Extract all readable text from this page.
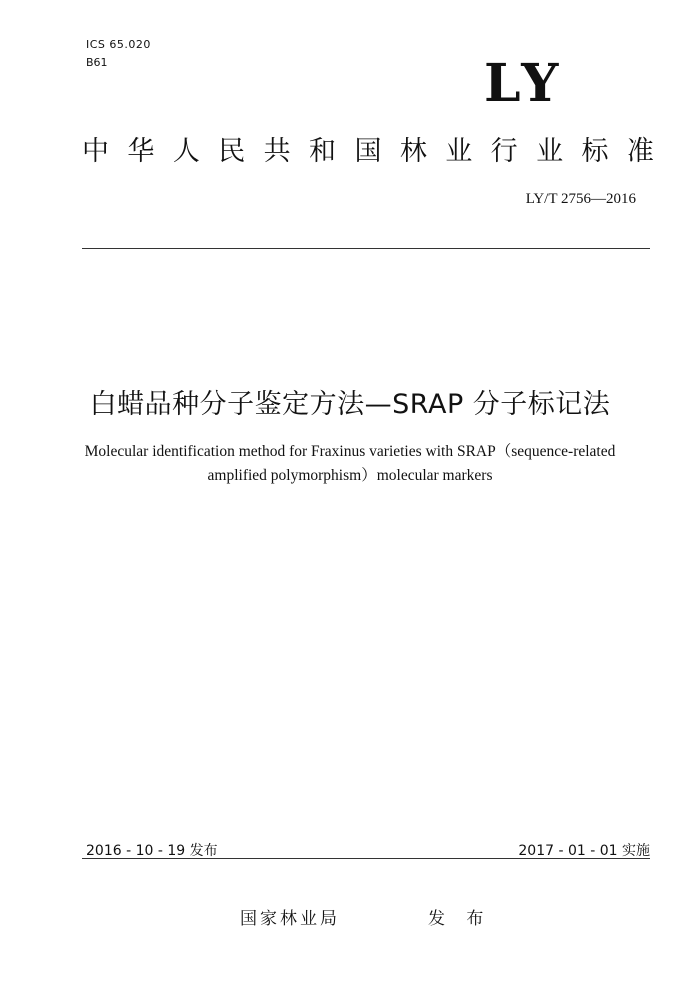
ICS 65.020
B61	LY
中 华 人 民 共 和 国 林 业 行 业 标 准
LY/T 2756—2016
白蜡品种分子鉴定方法—SRAP 分子标记法
Molecular identification method for Fraxinus varieties with SRAP（sequence-related
amplified polymorphism）molecular markers
2016 - 10 - 19 发布	2017 - 01 - 01 实施
国家林业局	发 布
